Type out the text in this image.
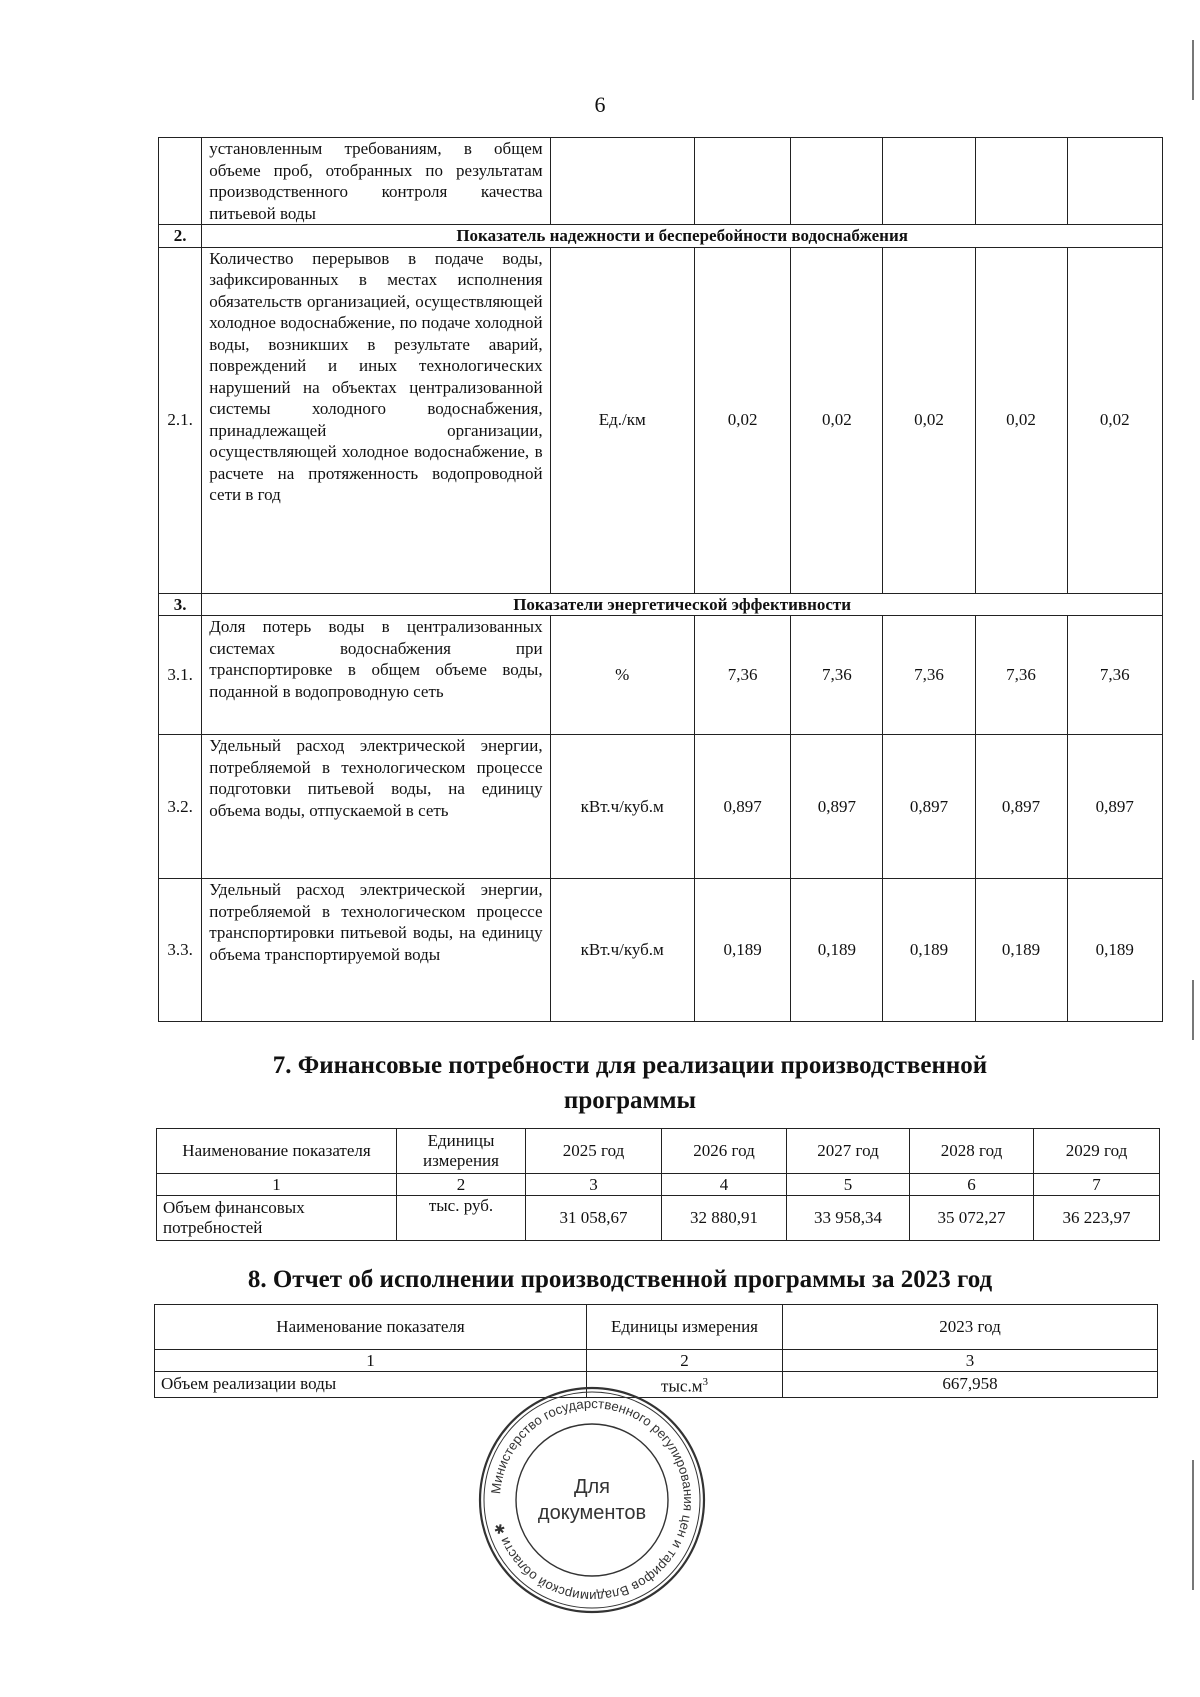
6
	установленным требованиям, в общем объеме проб, отобранных по результатам производственного контроля качества питьевой воды						
2.	Показатель надежности и бесперебойности водоснабжения						
2.1.	Количество перерывов в подаче воды, зафиксированных в местах исполнения обязательств организацией, осуществляющей холодное водоснабжение, по подаче холодной воды, возникших в результате аварий, повреждений и иных технологических нарушений на объектах централизованной системы холодного водоснабжения, принадлежащей организации, осуществляющей холодное водоснабжение, в расчете на протяженность водопроводной сети в год	Ед./км	0,02	0,02	0,02	0,02	0,02
3.	Показатели энергетической эффективности						
3.1.	Доля потерь воды в централизованных системах водоснабжения при транспортировке в общем объеме воды, поданной в водопроводную сеть	%	7,36	7,36	7,36	7,36	7,36
3.2.	Удельный расход электрической энергии, потребляемой в технологическом процессе подготовки питьевой воды, на единицу объема воды, отпускаемой в сеть	кВт.ч/куб.м	0,897	0,897	0,897	0,897	0,897
3.3.	Удельный расход электрической энергии, потребляемой в технологическом процессе транспортировки питьевой воды, на единицу объема транспортируемой воды	кВт.ч/куб.м	0,189	0,189	0,189	0,189	0,189
7. Финансовые потребности для реализации производственной
программы
Наименование показателя	Единицы измерения	2025 год	2026 год	2027 год	2028 год	2029 год
1	2	3	4	5	6	7
Объем финансовых потребностей	тыс. руб.	31 058,67	32 880,91	33 958,34	35 072,27	36 223,97
8. Отчет об исполнении производственной программы за 2023 год
Наименование показателя	Единицы измерения	2023 год
1	2	3
Объем реализации воды	$тыс.м^3$	667,958
Министерство государственного регулирования цен и тарифов Владимирской области ✱
Для
документов
